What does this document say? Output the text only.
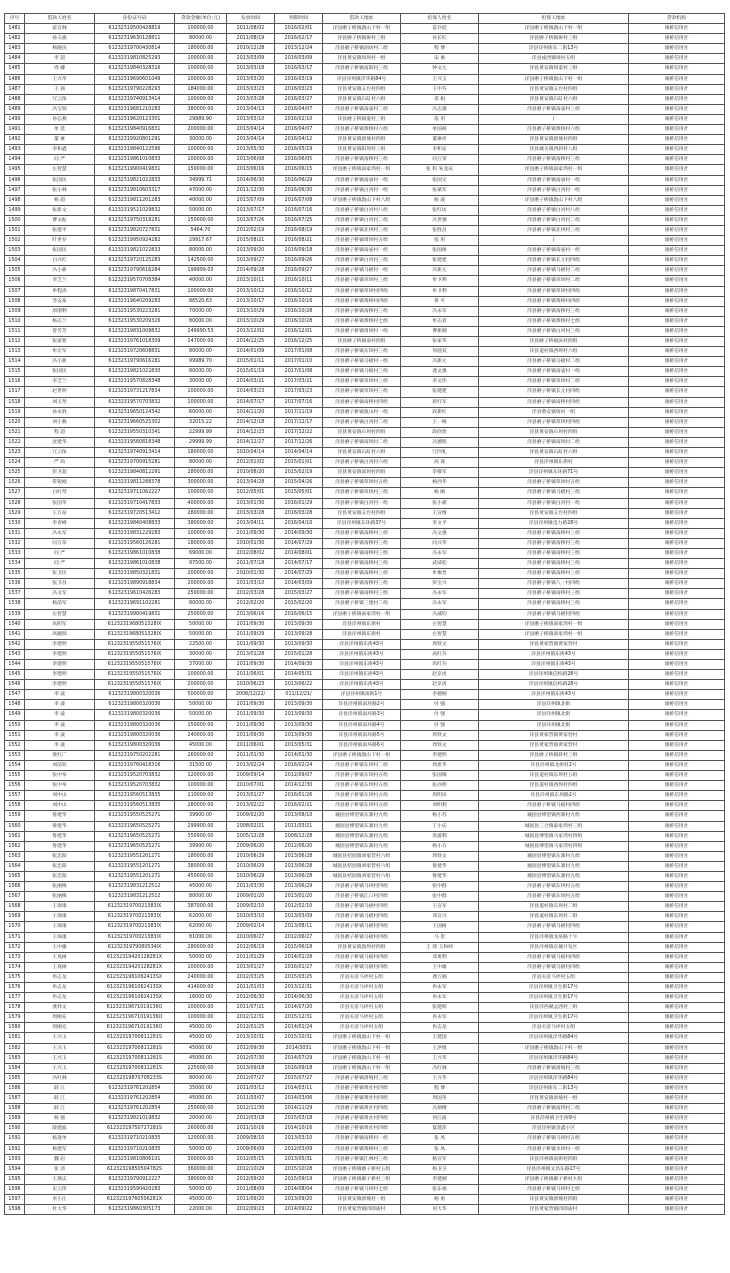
序号	借款人姓名	身份证号码	贷款金额(单位:元)	发放时间	到期时间	借款人地址	担保人姓名	担保人地址	贷款机构
1481	雷自林	61232319500428819	100000.00	2011/08/02	2016/02/01	洋县磨子桥镇敦山下村一组	雷兵娃	洋县磨子桥镇敦山下村一组	康桥信用社
1482	孙义旗	61232319630128811	80000.00	2011/08/19	2016/02/17	洋县磨子桥镇斑村三组	孙长红	洋县磨子桥镇斑村三组	康桥信用社
1483	杨晓民	61232319700430814	180000.00	2010/12/28	2013/12/24	洋县磨子桥镇油坊村二组	程 博	洋县洋州街东二街13号	康桥信用社
1484	李 超	61232319810825293	100000.00	2013/03/09	2016/03/09	洋县黄安镇斑坝村一组	宋 俊	洋县成西镇斑村五组	康桥信用社
1485	周 卿	61232319840328316	100000.00	2013/03/18	2016/03/17	洋县磨子桥镇南阳村三组	钟文元	洋县黄安镇斑渠村三组	康桥信用社
1486	王兴华	61232319690601049	100000.00	2013/03/20	2016/03/19	洋县洋州镇洋华路84号	王兴玉	洋县磨子桥镇敦山下村一组	康桥信用社
1487	王 商	61232319790228293	184000.00	2013/03/23	2016/03/23	洋县黄安镇五台村四组	王中芬	洋县黄安镇五台村四组	康桥信用社
1488	冗云保	61232319740913414	100000.00	2013/03/28	2016/03/27	洋县黄安镇石缸村六组	邓 娟	洋县黄安镇石缸村六组	康桥信用社
1489	冯宝瑞	61232319681210283	380000.00	2013/04/13	2016/04/07	洋县磨子桥镇南庙村二组	冯志强	洋县磨子桥镇南庙村三组	康桥信用社
1490	孙弘燕	61232319620123301	29989.90	2013/03/10	2016/02/10	洋县磨子桥镇童村三组	依 用	/	康桥信用社
1491	单 选	61232319840916831	200000.00	2013/04/14	2016/04/07	洋县磨子桥镇黄桥村六组	单国祯	洋县磨子桥镇黄桥村六组	康桥信用社
1492	董 豪	61232319920801291	30000.00	2013/04/14	2016/04/12	洋县黄安镇滑坡村四组	董豪祥	洋县黄安镇滑坡村四组	康桥信用社
1493	李和鑫	61232319840122596	100000.00	2013/05/30	2016/05/19	洋县黄安镇阳坝村三组	李和安	洋县城关镇西斜村八组	康桥信用社
1494	问 严	61232319861010833	100000.00	2013/06/08	2016/06/05	洋县磨子桥镇南桥村三组	问万荣	洋县磨子桥镇南桥村三组	康桥信用社
1495	左智慧	61232319900419831	150000.00	2013/06/16	2016/06/15	洋县磨子桥镇南家湾村一组	张 科 朱龙庆	洋县磨子桥镇南家湾村一组	康桥信用社
1496	张国民	61232319821022833	34999.71	2014/06/30	2016/06/29	洋县磨子桥镇南庙村一组	张国文	洋县磨子桥镇南庙村一组	康桥信用社
1497	张小林	61232319810603317	47000.00	2011/12/30	2016/06/30	洋县磨子桥镇白河村一组	张斌军	洋县磨子桥镇白河村一组	康桥信用社
1498	杨 超	61232319811201283	40000.00	2013/07/09	2016/07/08	洋县磨子桥镇敦山下村八组	杨 波	洋县磨子桥镇敦山下村八组	康桥信用社
1499	张新文	61232319521029832	50000.00	2013/07/17	2016/07/16	洋县磨子桥镇白河村八组	张红坊	洋县磨子桥镇白河村八组	康桥信用社
1500	曹文振	61232319750318281	150000.00	2013/07/26	2016/07/25	洋县磨子桥镇白河村二组	冯世强	洋县磨子桥镇白河村二组	康桥信用社
1501	张建平	61232319820727831	5464.70	2012/02/19	2016/08/19	洋县磨子桥镇北坝村三组	张胜昌	洋县磨子桥镇北坝村三组	康桥信用社
1502	叶世存	61232319950924282	29917.67	2015/08/21	2016/08/21	洋县磨子桥镇周坝村五组	依 用	/	康桥信用社
1503	张国民	61232319821022833	80000.00	2013/09/20	2016/09/18	洋县磨子桥镇南庙村一组	张国俊	洋县磨子桥镇南庙村一组	康桥信用社
1504	白兴红	61232319720125283	142500.00	2013/09/27	2016/09/26	洋县磨子桥镇白河村三组	张建建	洋县磨子桥镇长元村四组	康桥信用社
1505	冯小新	61232319790616284	199999.03	2014/09/28	2016/09/27	洋县磨子桥镇马板村一组	冯新元	洋县磨子桥镇马板村二组	康桥信用社
1506	李芝兰	61232319570708384	40000.00	2013/10/11	2016/10/11	洋县磨子桥镇草坝村三组	牟卫利	洋县磨子桥镇草坝村二组	康桥信用社
1507	牟程涛	61232319870417831	100000.00	2013/10/12	2016/10/12	洋县磨子桥镇草坝村四组	牟卫利	洋县磨子桥镇草坝村四组	康桥信用社
1508	苏安泰	61232319640209283	86520.63	2013/10/17	2016/10/16	洋县磨子桥镇黄桥村四组	黄 可	洋县磨子桥镇黄桥村四组	康桥信用社
1509	周朋利	61232319530223281	70000.00	2013/10/29	2016/10/28	洋县磨子桥镇南桥村三组	冯永军	洋县磨子桥镇南桥村三组	康桥信用社
1510	杨志兰	61232319530209326	80000.00	2013/10/29	2016/10/28	洋县磨子桥镇黄桥村七组	牟志者	洋县磨子桥镇黄桥村七组	康桥信用社
1511	曾芳芳	61232319831008832	149990.53	2013/12/02	2016/12/01	洋县磨子桥镇周坝村一组	曹新刚	洋县磨子桥镇白河村三组	康桥信用社
1512	张家智	61232319761018309	147000.00	2014/12/25	2016/12/25	洋县磨子桥镇南村四组	张家华	洋县磨子桥镇滨村四组	康桥信用社
1513	牟宏军	61232319720608831	80000.00	2014/01/09	2017/01/08	洋县磨子桥镇东坝村三组	何庭双	洋县道村镇西坝村六组	康桥信用社
1514	冯小新	61232319790616281	99989.70	2015/01/11	2017/01/10	洋县磨子桥镇马板村一组	冯新元	洋县磨子桥镇马板村二组	康桥信用社
1515	张国民	61232319821022830	80000.00	2015/01/19	2017/01/08	洋县磨子桥镇马板村三组	龚文强	洋县磨子桥镇南庙村一组	康桥信用社
1516	李芝兰	61232319570828348	30000.00	2014/03/21	2017/03/21	洋县磨子桥镇草坝村三组	李文伟	洋县磨子桥镇草坝村二组	康桥信用社
1517	赵世明	61232319731217834	100000.00	2014/03/23	2017/03/23	洋县磨子桥镇草坝村三组	张建建	洋县磨子桥镇长元村四组	康桥信用社
1518	刘玉琴	61232319570703832	100000.00	2014/07/17	2017/07/16	洋县磨子桥镇南桥村四组	蒋红军	洋县磨子桥镇南桥村四组	康桥信用社
1519	孙永胜	61232319650124342	60000.00	2014/11/20	2017/11/19	洋县磨子桥镇敦山村一组	段新红	洋县黄安镇斑村一组	康桥信用社
1520	刘小燕	61232319660525302	32015.22	2014/12/18	2017/12/17	洋县磨子桥镇白河村二组	王一统	洋县磨子桥镇草坝村四组	康桥信用社
1521	程 超	61232319550310341	22999.99	2014/12/23	2017/12/22	洋县黄安镇石坝村四组	段欣欣	洋县黄安镇石坝村四组	康桥信用社
1522	沈建华	61232319560818348	29999.99	2014/12/27	2017/12/26	洋县磨子桥镇南坝村二组	冯德铭	洋县磨子桥镇南坝村二组	康桥信用社
1523	冗云保	61232319740913414	180000.00	2010/04/14	2014/04/14	洋县黄安镇石缸村六组	冗四礼	洋县黄安镇石缸村六组	康桥信用社
1524	严 尚	61232319700915281	80000.00	2012/01/02	2015/01/01	洋县磨子桥镇白河村六组	高 谋	洋县洋州镇东街村	康桥信用社
1525	彭卫超	61232319840812291	280000.00	2010/08/20	2015/02/19	洋县黄安镇南坝村四组	毕敬军	洋县洋州镇东环路71号	康桥信用社
1526	常锐刚	61232319811288378	300000.00	2013/04/28	2015/04/26	洋县磨子桥镇草坝村五组	杨西华	洋县磨子桥镇草坝村五组	康桥信用社
1527	白红琴	61232319711062227	100000.00	2012/05/01	2015/05/01	洋县磨子桥镇草坝村三组	杨 刚	洋县磨子桥镇马板村三组	康桥信用社
1528	张国华	61232319710417833	400000.00	2013/01/30	2016/01/29	洋县磨子桥镇白河村一组	张小骐	洋县磨子桥镇白河村一组	康桥信用社
1529	王万站	61232319720513412	280000.00	2013/03/28	2016/03/28	洋县黄安镇五台村四组	王宣维	洋县黄安镇五台村四组	康桥信用社
1530	李青峰	61232319840408833	380000.00	2013/04/11	2016/04/10	洋县洋州镇东环路37号	李文平	洋县洋州镇电力路28号	康桥信用社
1531	冯永军	61232319831229283	100000.00	2011/09/30	2014/09/30	洋县磨子桥镇南桥村三组	冯文强	洋县磨子桥镇南桥村三组	康桥信用社
1532	问万荣	61232319560126281	180000.00	2010/01/30	2014/07/29	洋县磨子桥镇南桥村三组	问兴华	洋县磨子桥镇南桥村三组	康桥信用社
1533	问 严	61232319861010838	69000.00	2012/08/02	2014/08/01	洋县磨子桥镇南桥村三组	冯永军	洋县磨子桥镇南桥村三组	康桥信用社
1534	问 严	61232319861010838	97500.00	2011/07/18	2014/07/17	洋县磨子桥镇南桥村三组	武威松	洋县磨子桥镇南桥村三组	康桥信用社
1535	张卫民	61232319850321831	200000.00	2010/01/30	2014/07/29	洋县磨子桥镇南桥村三组	牟俊晋	洋县磨子桥镇南桥村三组	康桥信用社
1536	张卫昌	61232319890918834	200000.00	2011/03/10	2014/03/09	洋县磨子桥镇南桥村三组	彭宝兴	洋县磨子桥镇八一村四组	康桥信用社
1537	冯文军	61232319610426283	250000.00	2012/03/28	2015/03/27	洋县磨子桥镇南桥村三组	冯永军	洋县磨子桥镇南桥村三组	康桥信用社
1538	杨前军	61232319691102281	80000.00	2012/02/20	2015/02/20	洋县磨子桥镇三建村二组	冯永军	洋县磨子桥镇南桥村三组	康桥信用社
1539	左智慧	61232319900419831	250000.00	2013/06/16	2016/06/15	洋县磨子桥镇南家湾村一组	冯减钧	洋县磨子桥镇马板村四组	康桥信用社
1540	高明军	6123231968051328IX	50000.00	2011/09/30	2013/09/30	洋县洋州镇东街村	左智慧	洋县磨子桥镇南家湾村一组	康桥信用社
1541	高婉瑞	6123231968051328IX	50000.00	2011/09/29	2013/09/28	洋县洋州镇东街村	左智慧	洋县磨子桥镇南家湾村一组	康桥信用社
1542	李建明	6123231955051576IX	22500.00	2011/09/30	2013/09/30	洋县洋州镇东街43号	周铁文	洋县黄家营镇黄家营村	康桥信用社
1543	李建明	6123231955051576IX	30000.00	2013/01/28	2015/01/28	洋县洋州镇东街43号	高红芬	洋县洋州镇东街43号	康桥信用社
1544	李建明	6123231955051576IX	37000.00	2011/09/30	2014/09/30	洋县洋州镇东街43号	高红芬	洋县洋州镇东街43号	康桥信用社
1545	李建明	6123231955051576IX	100000.00	2011/06/01	2014/05/31	洋县洋州镇东街43号	赵京虎	洋县洋州镇信校路28号	康桥信用社
1546	李建明	6123231955051576IX	200000.00	2010/06/23	2013/06/22	洋县洋州镇东街43号	赵京虎	洋县洋州镇信校路28号	康桥信用社
1547	李 波	61232319800320036	500000.00	2008/12/22/	011/12/21/	洋县洋州镇南街1号	李德刚	洋县洋州镇东街43号	康桥信用社
1548	李 波	61232319800320036	50000.00	2011/09/30	2013/09/30	洋县洋州镇南环路2号	付 强	洋县洋州镇北街	康桥信用社
1549	李 波	61232319800320036	50000.00	2011/09/30	2013/09/30	洋县洋州镇南环路3号	付 强	洋县洋州镇北街	康桥信用社
1550	李 波	61232319800320036	150000.00	2011/09/30	2013/09/30	洋县洋州镇南环路4号	付 强	洋县洋州镇北街	康桥信用社
1551	李 波	61232319800320036	240000.00	2011/09/30	2013/09/30	洋县洋州镇南环路5号	周铁文	洋县黄家营镇黄家营村	康桥信用社
1552	李 波	61232319800320036	45000.00	2011/06/01	2013/05/31	洋县洋州镇南环路6号	周铁文	洋县黄家营镇黄家营村	康桥信用社
1553	梁红广	61232319750202281	260000.00	2011/01/30	2014/01/30	洋县磨子桥镇敦山下村一组	李建明	洋县磨子桥镇蒋村三组	康桥信用社
1554	刘前钊	61232319760418316	31500.00	2013/02/24	2016/02/24	洋县磨子桥镇东坝村二组	周思华	洋县洋州镇北街村2号	康桥信用社
1555	张中举	61232319520703832	120000.00	2009/09/14	2012/09/07	洋县磨子桥镇东坝村五组	张国梅	洋县道村镇东坝村五组	康桥信用社
1556	张中举	61232319520703832	100000.00	2010/07/01	2014/12/30	洋县磨子桥镇东坝村五组	张亦明	洋县道村镇西坝村四组	康桥信用社
1557	刘中山	61232319560513835	110000.00	2013/01/27	2016/01/26	洋县磨子桥镇东坝村五组	周明田	洋县洋州镇东坝路2号	康桥信用社
1558	刘中山	61232319560513835	280000.00	2013/02/22	2016/02/21	洋县磨子桥镇东坝村五组	刘明利	洋县磨子桥镇马板村四组	康桥信用社
1559	鲁建华	61232319550525271	39900.00	2009/02/20	2013/08/10	城固县博望镇东寨村九组	杨小苏	城固县博望镇西寨村九组	康桥信用社
1560	鲁建华	61232319650525271	299900.00	2008/02/21	2011/03/21	城固县博望镇东寨村九组	丁小庆	城固县三合镇泰家湾村三组	康桥信用社
1561	鲁建华	61232319650525271	350900.00	2005/12/28	2008/12/28	城固县博望镇东寨村九组	余滋利	城固县博望镇马家湾村四组	康桥信用社
1562	鲁建华	61232319650525271	39900.00	2009/06/20	2012/06/20	城固县博望镇东寨村九组	杨小芬	城固县博望镇马家湾村四组	康桥信用社
1563	张忠阳	61232319551201271	180000.00	2010/06/29	2013/06/28	城固县桔园镇刘家营村六组	周铁文	城固县博望镇东寨村九组	康桥信用社
1564	张忠阳	61232319551201271	380000.00	2010/06/29	2013/06/28	城固县桔园镇刘家营村六组	鲁建华	城固县博望镇东寨村九组	康桥信用社
1565	张忠阳	61232319551201271	450000.00	2010/06/29	2013/06/28	城固县桔园镇刘家营村六组	鲁建华	城固县博望镇东寨村九组	康桥信用社
1566	张丽梅	61232319831212512	45000.00	2011/03/30	2013/06/29	洋县磨子桥镇马坝村四组	张中群	洋县磨子桥镇东坝村五组	康桥信用社
1567	张丽梅	61232319831212512	80000.00	2009/01/20	2013/01/20	洋县磨子桥镇江口村四组	张中群	洋县磨子桥镇东坝村五组	康桥信用社
1568	王保康	6123231970021383IX	387000.00	2009/02/10	2012/02/10	洋县磨子桥镇马板村四组	王宣军	洋县道村镇东坝村二组	康桥信用社
1569	王保康	6123231970021383IX	62000.00	2010/03/10	2013/03/09	洋县磨子桥镇马板村四组	邓宣兴	洋县道村镇东坝村二组	康桥信用社
1570	王保康	6123231970021383IX	62000.00	2009/02/14	2013/08/11	洋县磨子桥镇马板村四组	王国树	洋县磨子桥镇马板村四组	康桥信用社
1571	王保康	6123231970021383IX	81000.00	2010/06/27	2012/06/27	洋县磨子桥镇马板村四组	马 里	洋县洋州镇龙泉路十字	康桥信用社
1572	王中雄	6123231979080534IX	280000.00	2012/06/19	2015/06/18	洋县黄安镇敦坝村四组	王 琦 王和经	洋县洋州镇东城开发区	康桥信用社
1573	王真树	61232319420128281X	50000.00	2011/01/29	2014/01/28	洋县磨子桥镇马板村四组	邓勇利	洋县磨子桥镇马板村四组	康桥信用社
1574	王真树	61232319420128281X	100000.00	2013/01/27	2016/01/27	洋县磨子桥镇马板村四组	王中雄	洋县磨子桥镇马板村四组	康桥信用社
1575	冉志龙	6123231961062413SX	240000.00	2012/03/25	2015/03/25	洋县关帝马坪村五组	龚万刚	洋县关帝马坪村五组	康桥信用社
1576	冉志龙	6123231961062413SX	414000.00	2011/01/03	2013/12/31	洋县关帝马坪村五组	冉永军	洋县洋州镇卫生街17号	康桥信用社
1577	冉志龙	6123231961062413SX	16000.00	2012/06/30	2014/06/30	洋县关帝马坪村五组	冉永军	洋县洋州镇卫生街17号	康桥信用社
1578	龚炜文	61232319671019136O	100000.00	2011/07/21	2014/07/20	洋县关帝马坪村五组	张建辉	洋县洋西赫孟西村三组	康桥信用社
1579	周刚充	61232319671019136O	100000.00	2012/12/31	2015/12/31	洋县关帝马坪村五组	冉永军	洋县洋州镇卫生街17号	康桥信用社
1580	周刚充	61232319671019136O	45000.00	2012/01/25	2014/01/24	洋县关帝马坪村五组	冉志龙	洋县关帝马坪村五组	康桥信用社
1581	王兴玉	61232319700811281S	45000.00	2013/10/31	2015/10/31	洋县磨子桥镇敦山下村一组	王建国	洋县洋州镇洋华路84号	康桥信用社
1582	王兴玉	61232319700811281S	45000.00	2012/09/30	2014/3031	洋县磨子桥镇敦山下村一组	王洪维	洋县磨子桥镇敦山下村一组	康桥信用社
1583	王兴玉	61232319700811281S	45000.00	2012/07/30	2014/07/29	洋县磨子桥镇敦山下村一组	王兴华	洋县洋州镇洋华路84号	康桥信用社
1584	王兴玉	61232319700811281S	225000.00	2013/09/18	2016/09/18	洋县磨子桥镇敦山下村一组	冯红林	洋县磨子桥镇滑坡村三组	康桥信用社
1585	冯红林	61232319870708233S	80000.00	2012/07/27	2015/07/27	洋县磨子桥镇滑坡村三组	王兴华	洋县洋州镇洋华路84号	康桥信用社
1586	薛 江	61232319761202854	35000.00	2011/03/12	2014/03/11	洋县磨子桥镇黄社村四组	程 博	洋县洋州街东二街13号	康桥信用社
1587	薛 江	61232319761202854	45000.00	2011/03/07	2014/03/06	洋县磨子桥镇黄社村四组	周国英	洋县黄安镇滑坡村一组	康桥信用社
1588	薛 江	61232319761202854	250000.00	2012/11/30	2014/11/29	洋县磨子桥镇黄社村四组	冯炳楼	洋县磨子桥镇南坝村二组	康桥信用社
1589	杨 强	61232319821019832	20000.00	2012/03/18	2015/03/18	洋县磨子桥镇黄社村四组	何江波	洋县洋州镇卫生街9号	康桥信用社
1590	薛建波	61232319750727281S	260000.00	2011/10/16	2014/10/16	洋县磨子桥镇黄社村四组	夏建萍	洋县洋州镇金鑫小区	康桥信用社
1591	杨进单	61232319710210835	120000.00	2009/08/10	2013/03/10	洋县磨子桥镇南桥村一组	张 凤	洋县磨子桥镇马坝村五组	康桥信用社
1592	杨建军	61232319710210835	50000.00	2009/06/09	2012/03/09	洋县磨子桥镇黄桥村三组	张 凤	洋县磨子桥镇水坝村一组	康桥信用社
1593	魏 岩	61232319810806101	300000.00	2012/05/15	2013/05/31	洋县磨子桥镇江林村三组	杨宣军	洋县洋州镇南街村四组	康桥信用社
1594	张 清	61232319850504782S	360000.00	2012/10/29	2015/10/28	洋县磨子桥镇磨子桥村五组	杨卫卫	洋县洋州镇文昌东路27号	康桥信用社
1595	王燕庆	61232319790912227	380000.00	2012/09/20	2015/09/19	洋县磨子桥镇磨子桥村三组	李建刚	洋县磨子桥镇磨子桥村九组	康桥信用社
1596	史云伟	61232319590420283	50000.00	2011/08/09	2014/08/04	洋县磨子桥镇马坝村七组	张东福	洋县磨子桥镇马坝村七组	康桥信用社
1597	李小江	61232319760506281X	45000.00	2011/09/20	2013/09/20	洋县黄安镇滑坡村一组	杨 勇	洋县黄安镇滑坡村四组	康桥信用社
1598	杜大华	61232319860305173	22000.00	2012/09/23	2014/09/22	洋县黄家营镇四郎庙村	何大华	洋县黄家营镇四郎庙村	康桥信用社
